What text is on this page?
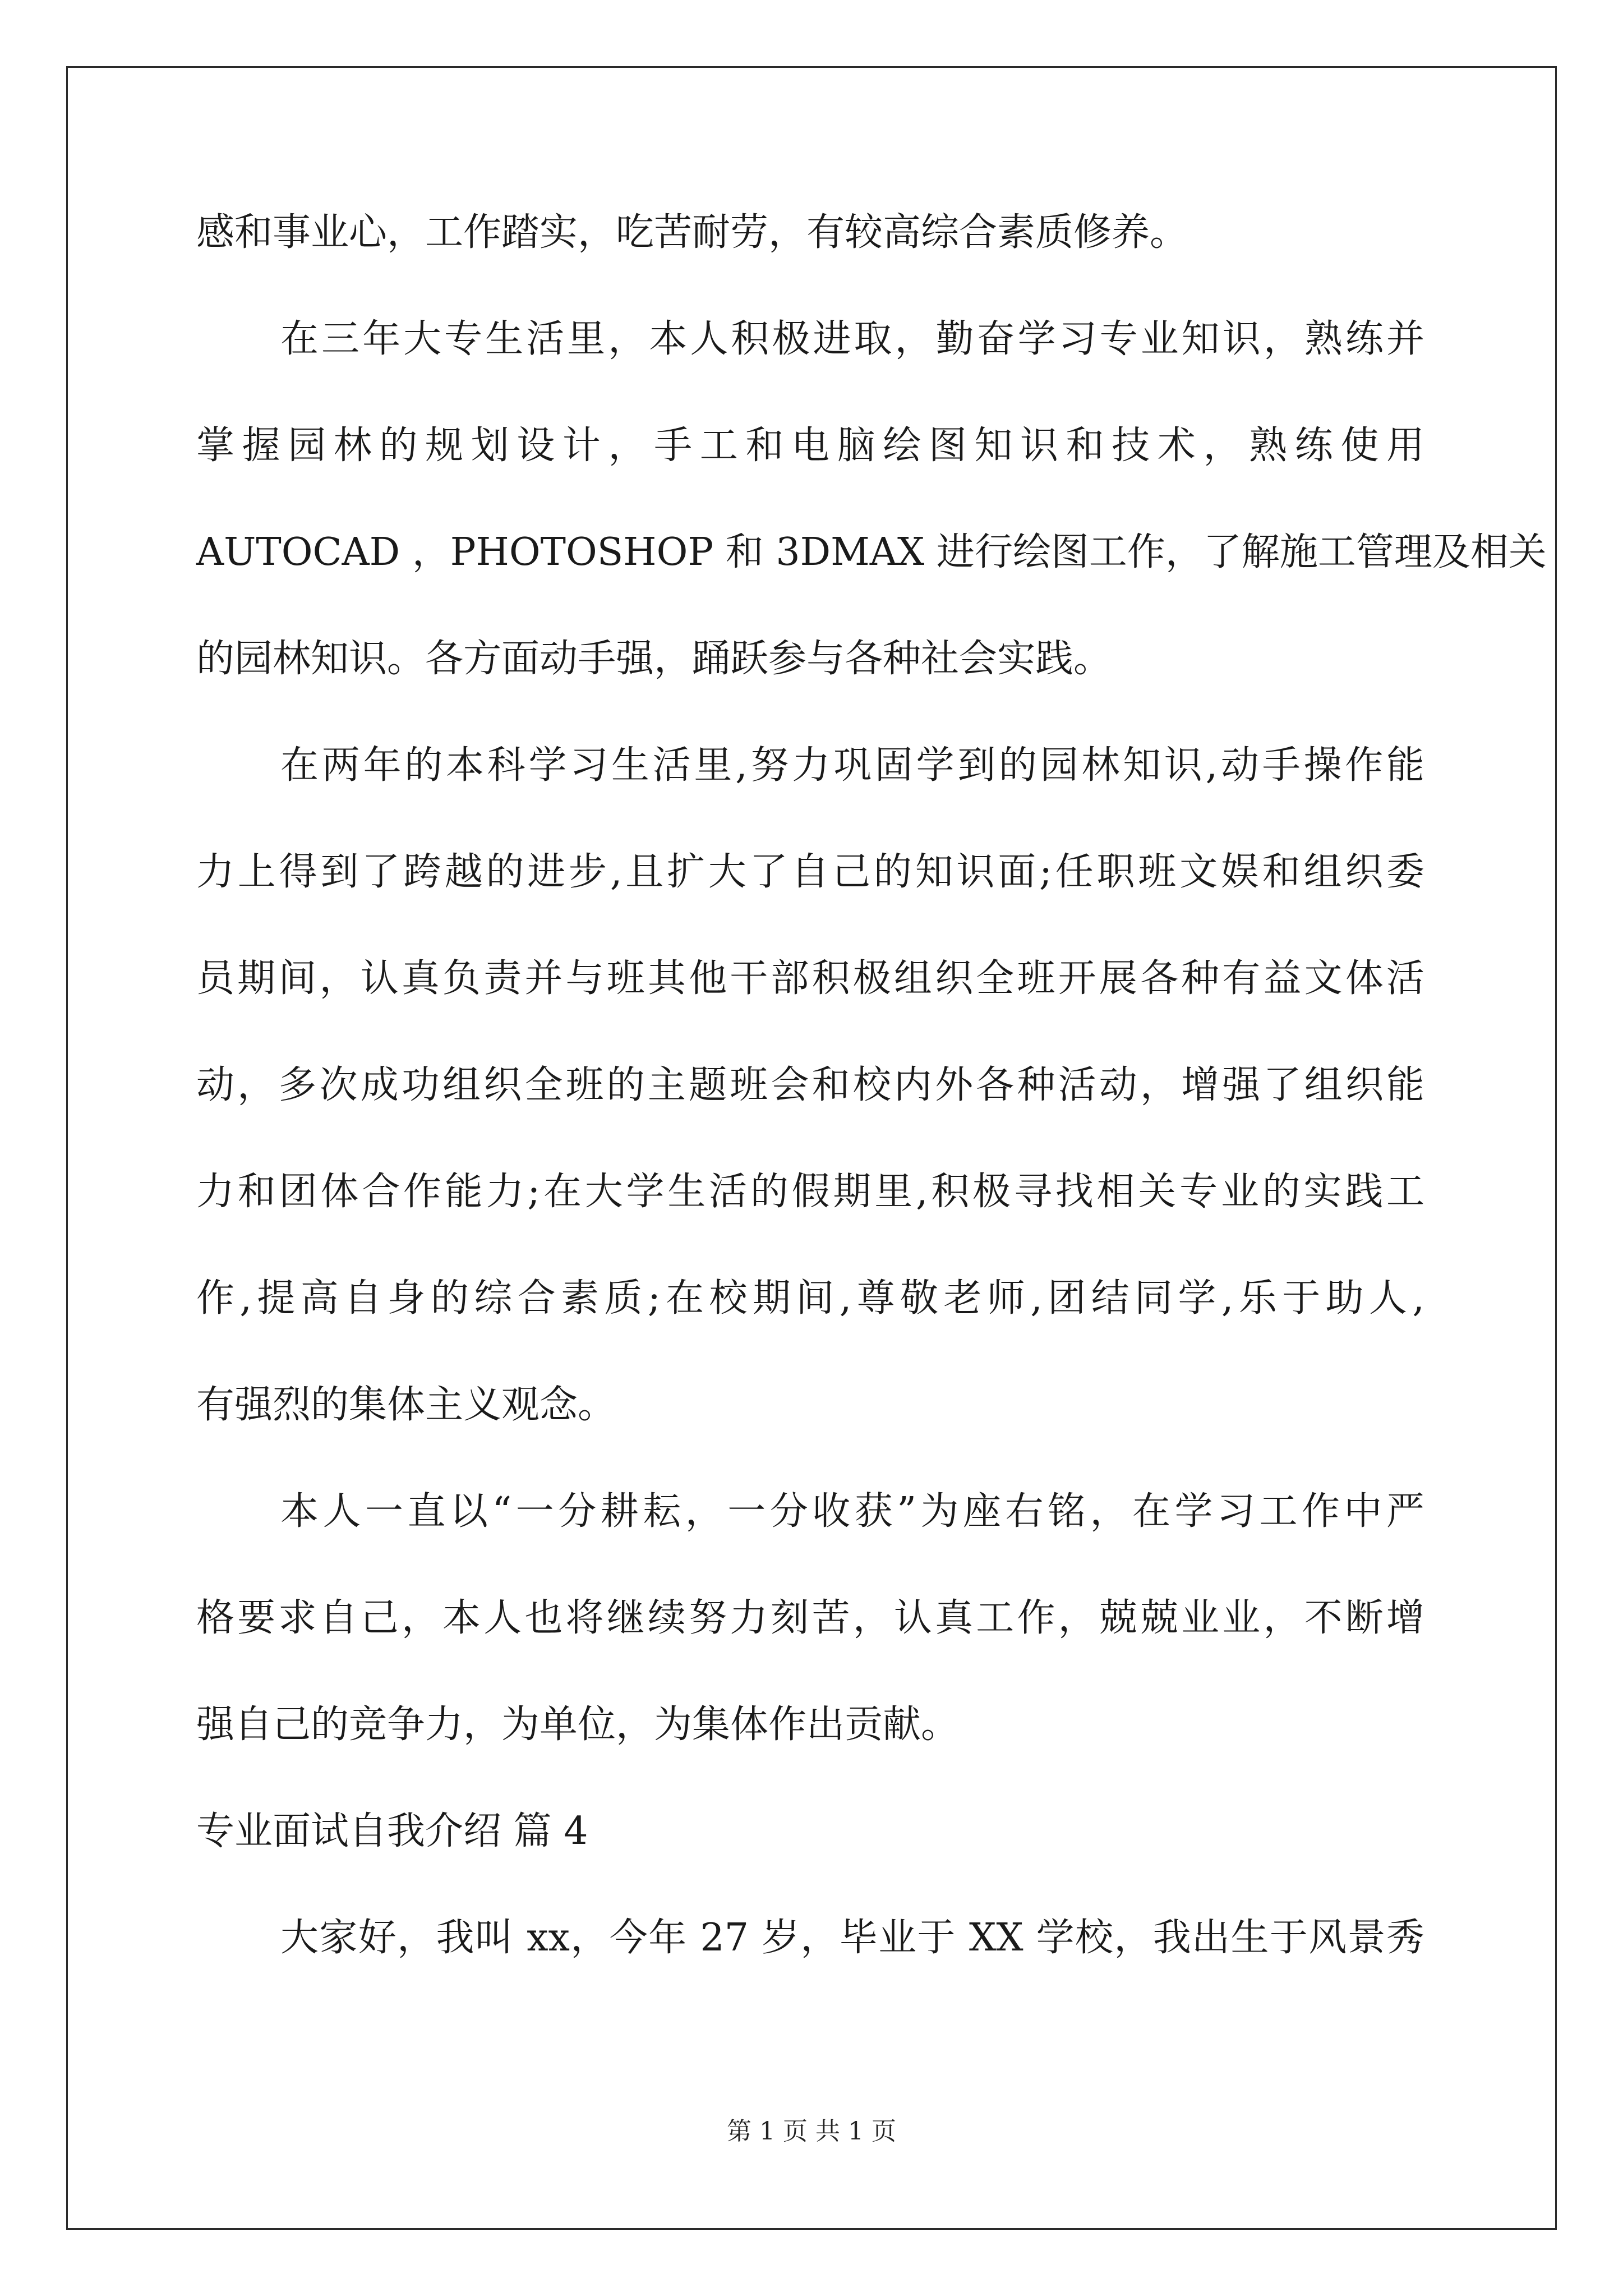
感和事业心，工作踏实，吃苦耐劳，有较高综合素质修养。
在三年大专生活里，本人积极进取，勤奋学习专业知识，熟练并
掌握园林的规划设计，手工和电脑绘图知识和技术，熟练使用
AUTOCAD ，PHOTOSHOP 和 3DMAX 进行绘图工作，了解施工管理及相关
的园林知识。各方面动手强，踊跃参与各种社会实践。
在两年的本科学习生活里,努力巩固学到的园林知识,动手操作能
力上得到了跨越的进步,且扩大了自己的知识面;任职班文娱和组织委
员期间，认真负责并与班其他干部积极组织全班开展各种有益文体活
动，多次成功组织全班的主题班会和校内外各种活动，增强了组织能
力和团体合作能力;在大学生活的假期里,积极寻找相关专业的实践工
作,提高自身的综合素质;在校期间,尊敬老师,团结同学,乐于助人,
有强烈的集体主义观念。
本人一直以“一分耕耘，一分收获”为座右铭，在学习工作中严
格要求自己，本人也将继续努力刻苦，认真工作，兢兢业业，不断增
强自己的竞争力，为单位，为集体作出贡献。
专业面试自我介绍 篇 4
大家好，我叫 xx，今年 27 岁，毕业于 XX 学校，我出生于风景秀
第 1 页 共 1 页
